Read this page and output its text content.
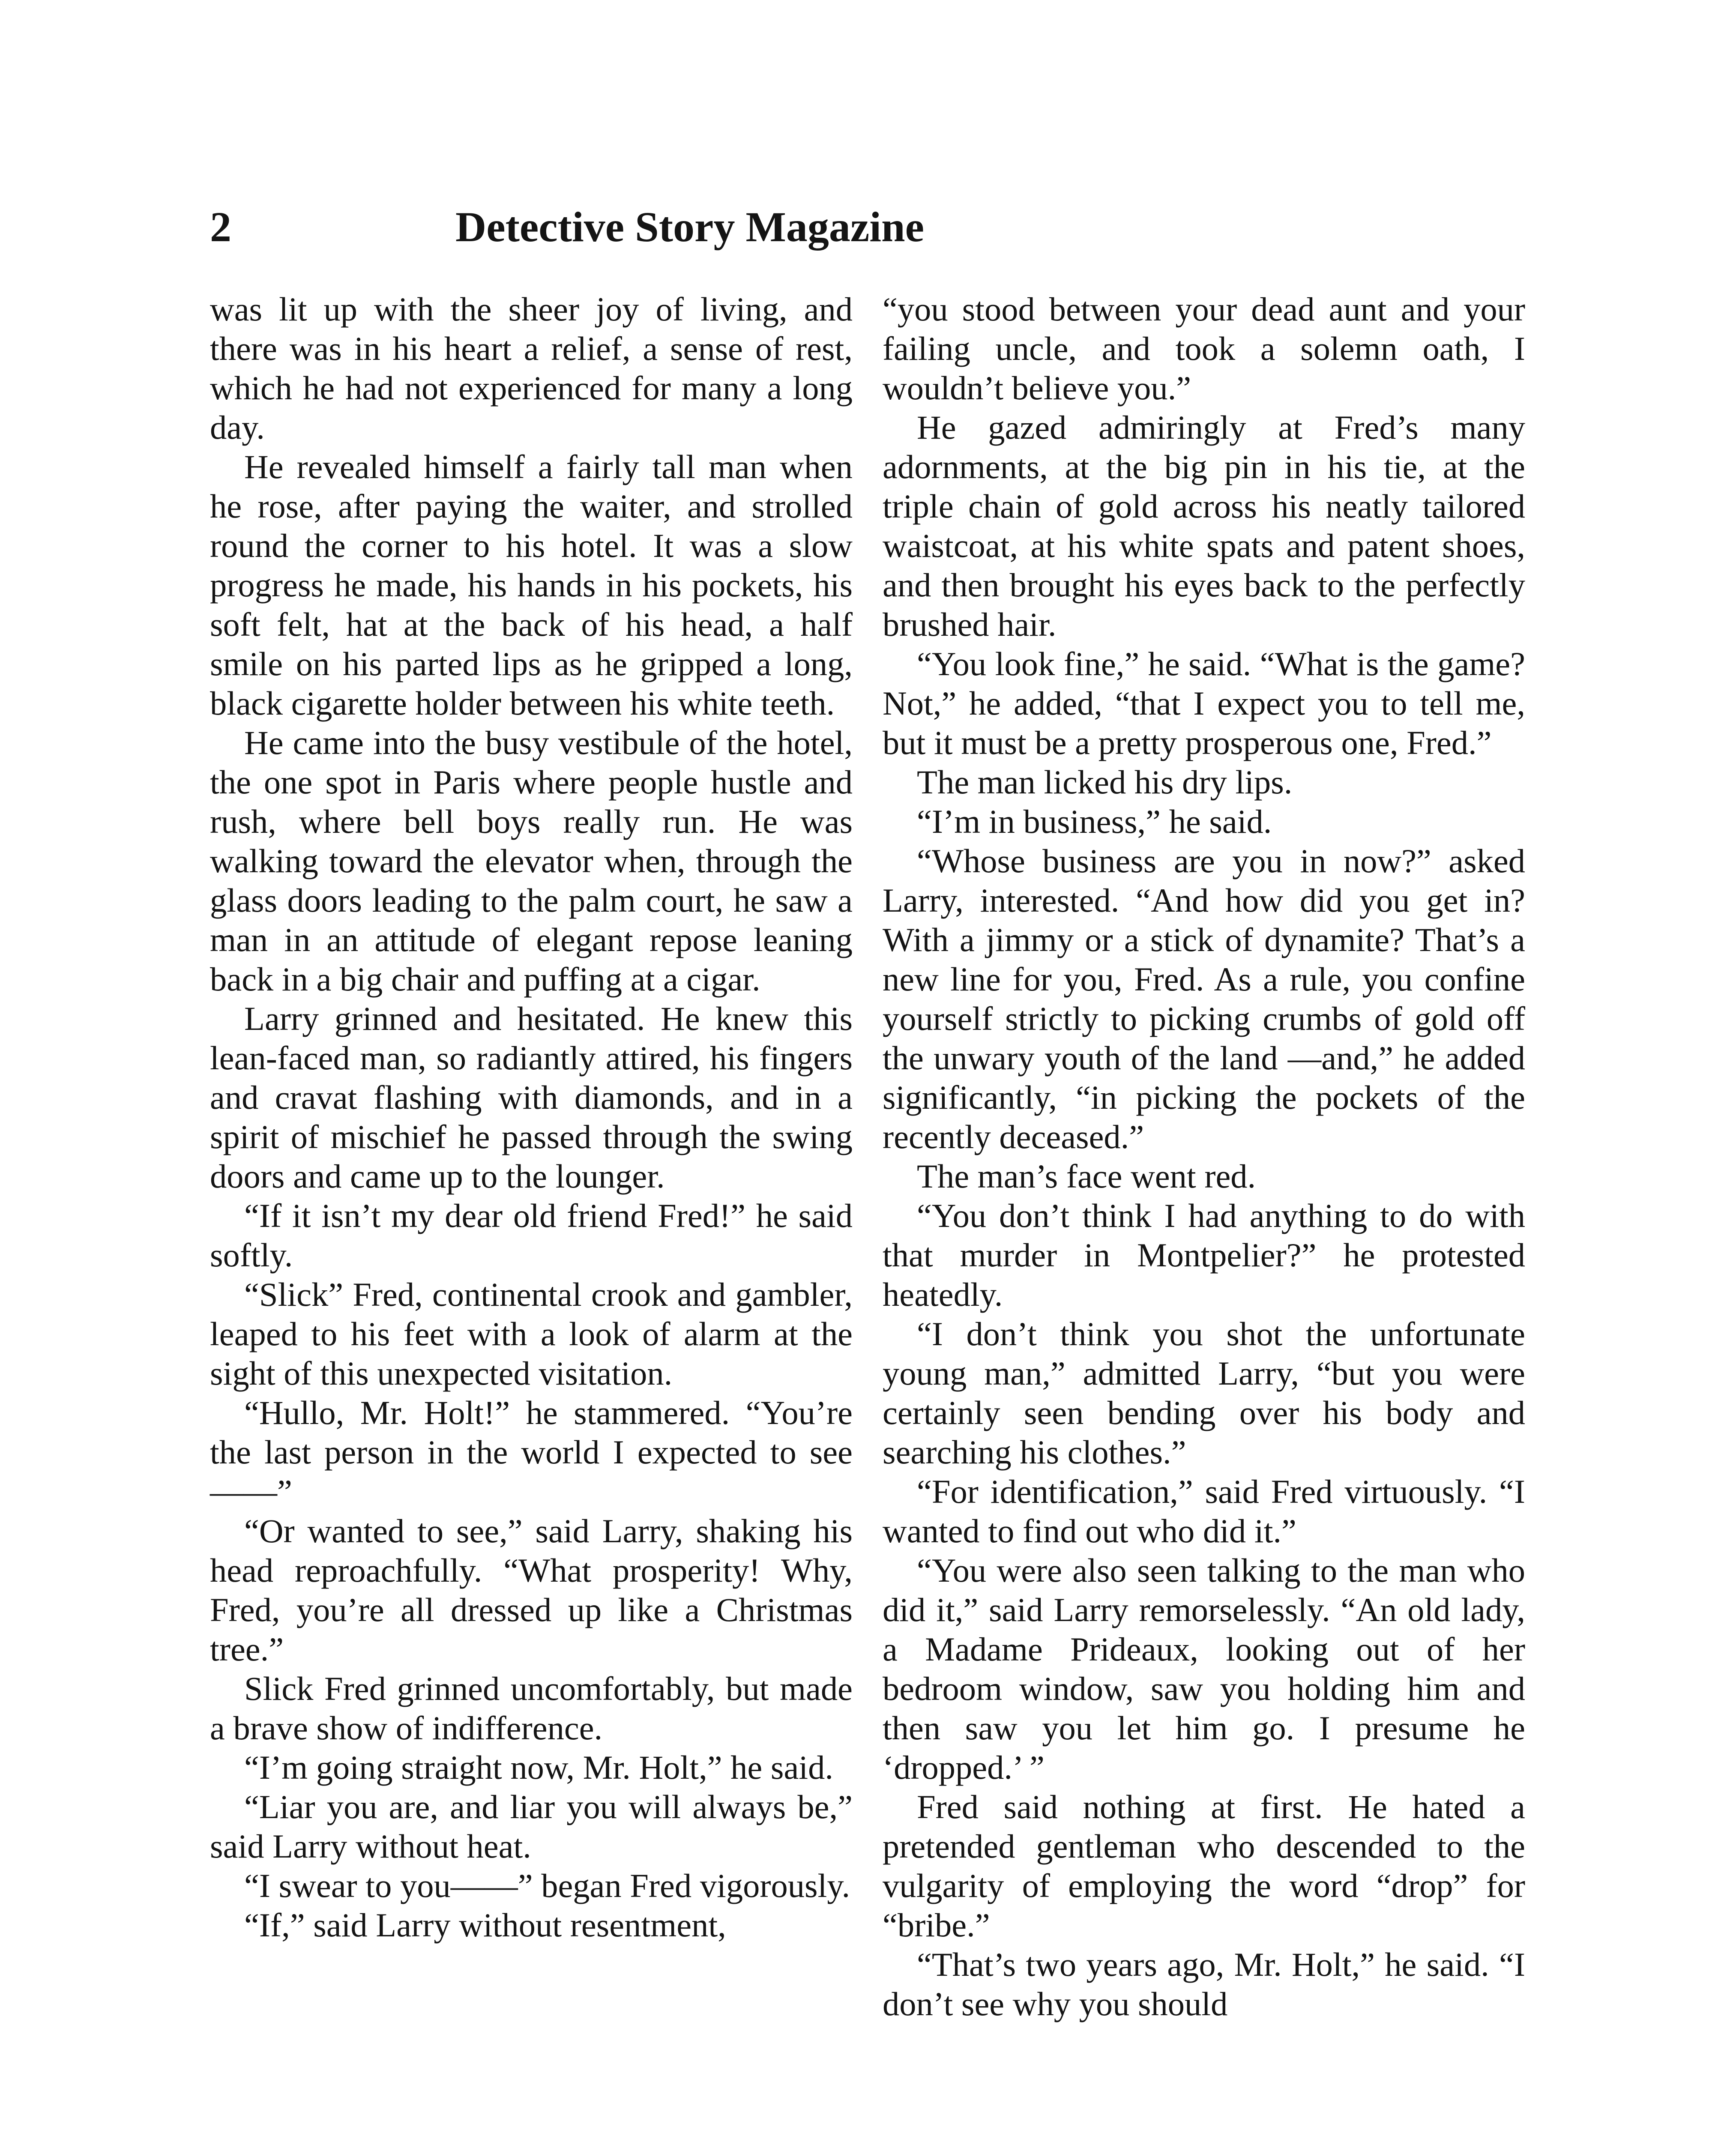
2	Detective Story Magazine

was lit up with the sheer joy of living, and there was in his heart a relief, a sense of rest, which he had not experienced for many a long day.

He revealed himself a fairly tall man when he rose, after paying the waiter, and strolled round the corner to his hotel. It was a slow progress he made, his hands in his pockets, his soft felt, hat at the back of his head, a half smile on his parted lips as he gripped a long, black cigarette holder between his white teeth.

He came into the busy vestibule of the hotel, the one spot in Paris where people hustle and rush, where bell boys really run. He was walking toward the elevator when, through the glass doors leading to the palm court, he saw a man in an attitude of elegant repose leaning back in a big chair and puffing at a cigar.

Larry grinned and hesitated. He knew this lean-faced man, so radiantly attired, his fingers and cravat flashing with diamonds, and in a spirit of mischief he passed through the swing doors and came up to the lounger.

“If it isn’t my dear old friend Fred!” he said softly.

“Slick” Fred, continental crook and gambler, leaped to his feet with a look of alarm at the sight of this unexpected visitation.

“Hullo, Mr. Holt!” he stammered. “You’re the last person in the world I expected to see——”

“Or wanted to see,” said Larry, shaking his head reproachfully. “What prosperity! Why, Fred, you’re all dressed up like a Christmas tree.”

Slick Fred grinned uncomfortably, but made a brave show of indifference.

“I’m going straight now, Mr. Holt,” he said.

“Liar you are, and liar you will always be,” said Larry without heat.

“I swear to you——” began Fred vigorously.

“If,” said Larry without resentment,

“you stood between your dead aunt and your failing uncle, and took a solemn oath, I wouldn’t believe you.”

He gazed admiringly at Fred’s many adornments, at the big pin in his tie, at the triple chain of gold across his neatly tailored waistcoat, at his white spats and patent shoes, and then brought his eyes back to the perfectly brushed hair.

“You look fine,” he said. “What is the game? Not,” he added, “that I expect you to tell me, but it must be a pretty prosperous one, Fred.”

The man licked his dry lips.

“I’m in business,” he said.

“Whose business are you in now?” asked Larry, interested. “And how did you get in? With a jimmy or a stick of dynamite? That’s a new line for you, Fred. As a rule, you confine yourself strictly to picking crumbs of gold off the unwary youth of the land —and,” he added significantly, “in picking the pockets of the recently deceased.”

The man’s face went red.

“You don’t think I had anything to do with that murder in Montpelier?” he protested heatedly.

“I don’t think you shot the unfortunate young man,” admitted Larry, “but you were certainly seen bending over his body and searching his clothes.”

“For identification,” said Fred virtuously. “I wanted to find out who did it.”

“You were also seen talking to the man who did it,” said Larry remorselessly. “An old lady, a Madame Prideaux, looking out of her bedroom window, saw you holding him and then saw you let him go. I presume he ‘dropped.’ ”

Fred said nothing at first. He hated a pretended gentleman who descended to the vulgarity of employing the word “drop” for “bribe.”

“That’s two years ago, Mr. Holt,” he said. “I don’t see why you should
